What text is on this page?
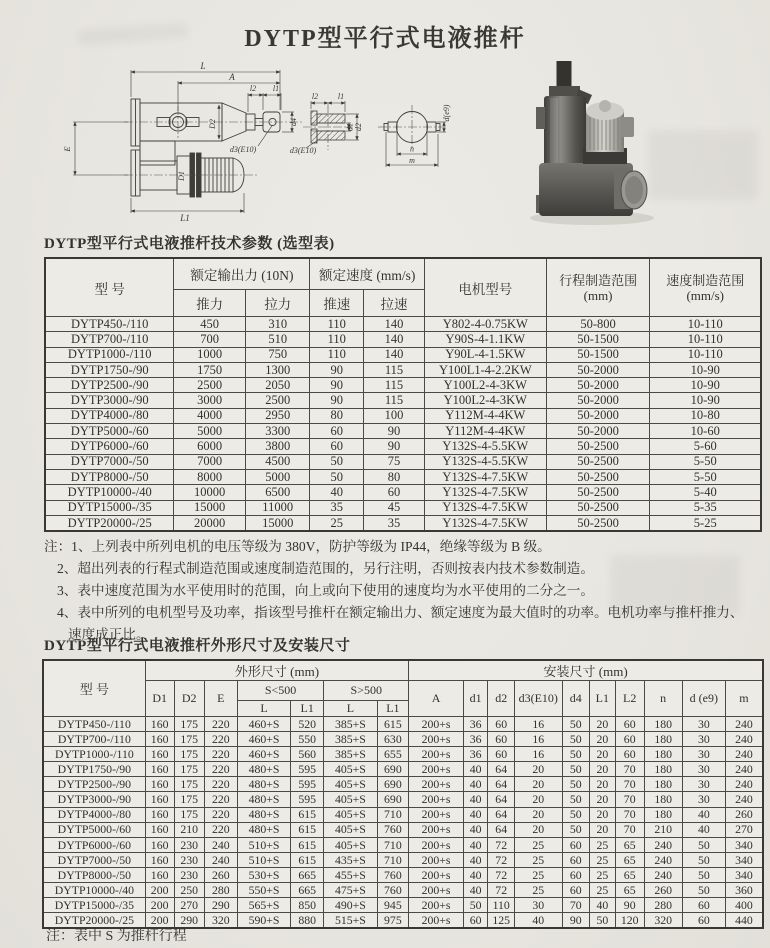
DYTP型平行式电液推杆
L
A
l2 l1
d4
d3(E10)
E
D2
D1
L1
l2 l1
d1 d2
d3(E10)
d(e9)
n
m
DYTP型平行式电液推杆技术参数 (选型表)
型 号	额定输出力 (10N)		额定速度 (mm/s)		电机型号	行程制造范围
(mm)	速度制造范围
(mm/s)

	推力	拉力	推速	拉速			
DYTP450-/110	450	310	110	140	Y802-4-0.75KW	50-800	10-110
DYTP700-/110	700	510	110	140	Y90S-4-1.1KW	50-1500	10-110
DYTP1000-/110	1000	750	110	140	Y90L-4-1.5KW	50-1500	10-110
DYTP1750-/90	1750	1300	90	115	Y100L1-4-2.2KW	50-2000	10-90
DYTP2500-/90	2500	2050	90	115	Y100L2-4-3KW	50-2000	10-90
DYTP3000-/90	3000	2500	90	115	Y100L2-4-3KW	50-2000	10-90
DYTP4000-/80	4000	2950	80	100	Y112M-4-4KW	50-2000	10-80
DYTP5000-/60	5000	3300	60	90	Y112M-4-4KW	50-2000	10-60
DYTP6000-/60	6000	3800	60	90	Y132S-4-5.5KW	50-2500	5-60
DYTP7000-/50	7000	4500	50	75	Y132S-4-5.5KW	50-2500	5-50
DYTP8000-/50	8000	5000	50	80	Y132S-4-7.5KW	50-2500	5-50
DYTP10000-/40	10000	6500	40	60	Y132S-4-7.5KW	50-2500	5-40
DYTP15000-/35	15000	11000	35	45	Y132S-4-7.5KW	50-2500	5-35
DYTP20000-/25	20000	15000	25	35	Y132S-4-7.5KW	50-2500	5-25
注：1、上列表中所列电机的电压等级为 380V，防护等级为 IP44，绝缘等级为 B 级。
2、超出列表的行程式制造范围或速度制造范围的，另行注明，否则按表内技术参数制造。
3、表中速度范围为水平使用时的范围，向上或向下使用的速度均为水平使用的二分之一。
4、表中所列的电机型号及功率，指该型号推杆在额定输出力、额定速度为最大值时的功率。电机功率与推杆推力、速度成正比。
DYTP型平行式电液推杆外形尺寸及安装尺寸
型 号	外形尺寸 (mm)							安装尺寸 (mm)									
	D1	D2	E	S<500		S>500		A	d1	d2	d3(E10)	d4	L1	L2	n	d (e9)	m
				L	L1	L	L1										
DYTP450-/110	160	175	220	460+S	520	385+S	615	200+s	36	60	16	50	20	60	180	30	240
DYTP700-/110	160	175	220	460+S	550	385+S	630	200+s	36	60	16	50	20	60	180	30	240
DYTP1000-/110	160	175	220	460+S	560	385+S	655	200+s	36	60	16	50	20	60	180	30	240
DYTP1750-/90	160	175	220	480+S	595	405+S	690	200+s	40	64	20	50	20	70	180	30	240
DYTP2500-/90	160	175	220	480+S	595	405+S	690	200+s	40	64	20	50	20	70	180	30	240
DYTP3000-/90	160	175	220	480+S	595	405+S	690	200+s	40	64	20	50	20	70	180	30	240
DYTP4000-/80	160	175	220	480+S	615	405+S	710	200+s	40	64	20	50	20	70	180	40	260
DYTP5000-/60	160	210	220	480+S	615	405+S	760	200+s	40	64	20	50	20	70	210	40	270
DYTP6000-/60	160	230	240	510+S	615	405+S	710	200+s	40	72	25	60	25	65	240	50	340
DYTP7000-/50	160	230	240	510+S	615	435+S	710	200+s	40	72	25	60	25	65	240	50	340
DYTP8000-/50	160	230	260	530+S	665	455+S	760	200+s	40	72	25	60	25	65	240	50	340
DYTP10000-/40	200	250	280	550+S	665	475+S	760	200+s	40	72	25	60	25	65	260	50	360
DYTP15000-/35	200	270	290	565+S	850	490+S	945	200+s	50	110	30	70	40	90	280	60	400
DYTP20000-/25	200	290	320	590+S	880	515+S	975	200+s	60	125	40	90	50	120	320	60	440
注：表中 S 为推杆行程
